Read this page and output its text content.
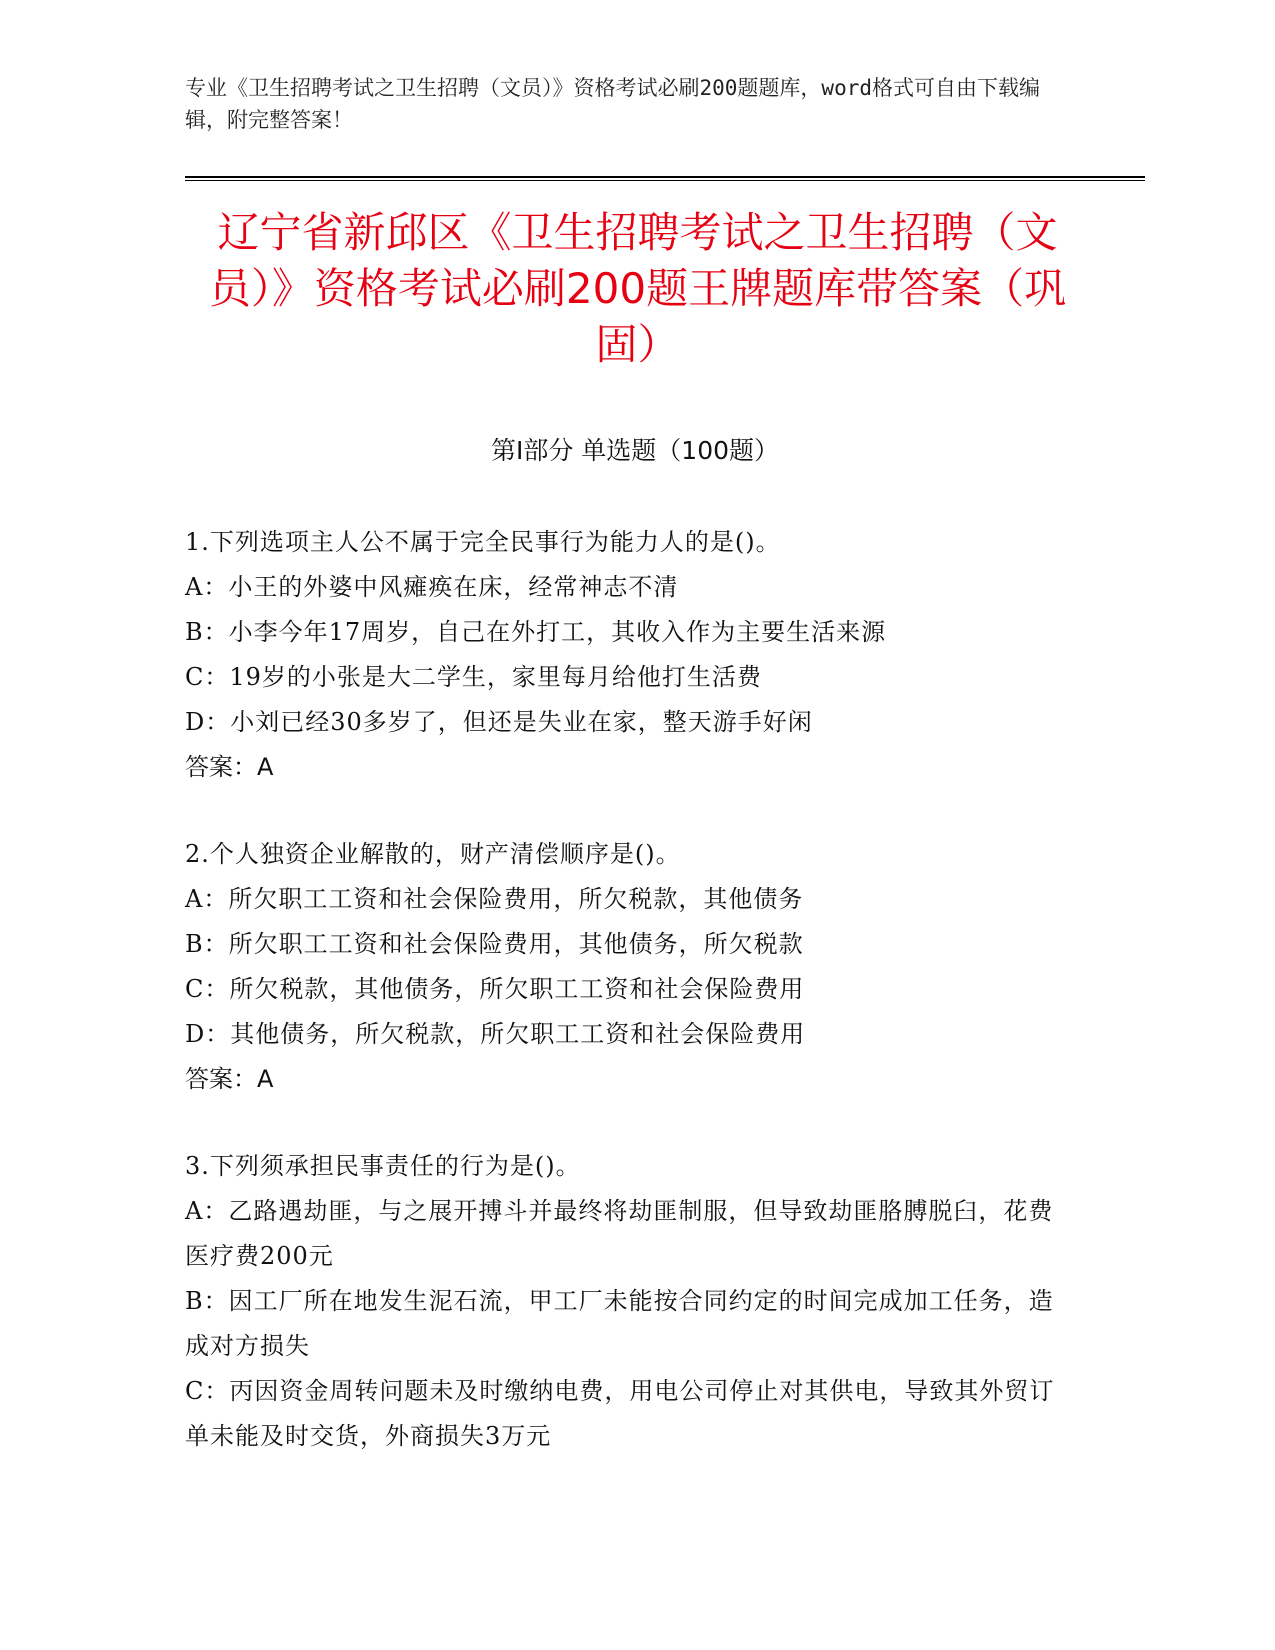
专业《卫生招聘考试之卫生招聘（文员）》资格考试必刷200题题库，word格式可自由下载编辑，附完整答案！
辽宁省新邱区《卫生招聘考试之卫生招聘（文员）》资格考试必刷200题王牌题库带答案（巩固）
第Ⅰ部分 单选题（100题）
1.下列选项主人公不属于完全民事行为能力人的是()。
A：小王的外婆中风瘫痪在床，经常神志不清
B：小李今年17周岁，自己在外打工，其收入作为主要生活来源
C：19岁的小张是大二学生，家里每月给他打生活费
D：小刘已经30多岁了，但还是失业在家，整天游手好闲
答案：A
2.个人独资企业解散的，财产清偿顺序是()。
A：所欠职工工资和社会保险费用，所欠税款，其他债务
B：所欠职工工资和社会保险费用，其他债务，所欠税款
C：所欠税款，其他债务，所欠职工工资和社会保险费用
D：其他债务，所欠税款，所欠职工工资和社会保险费用
答案：A
3.下列须承担民事责任的行为是()。
A：乙路遇劫匪，与之展开搏斗并最终将劫匪制服，但导致劫匪胳膊脱臼，花费医疗费200元
B：因工厂所在地发生泥石流，甲工厂未能按合同约定的时间完成加工任务，造成对方损失
C：丙因资金周转问题未及时缴纳电费，用电公司停止对其供电，导致其外贸订单未能及时交货，外商损失3万元
